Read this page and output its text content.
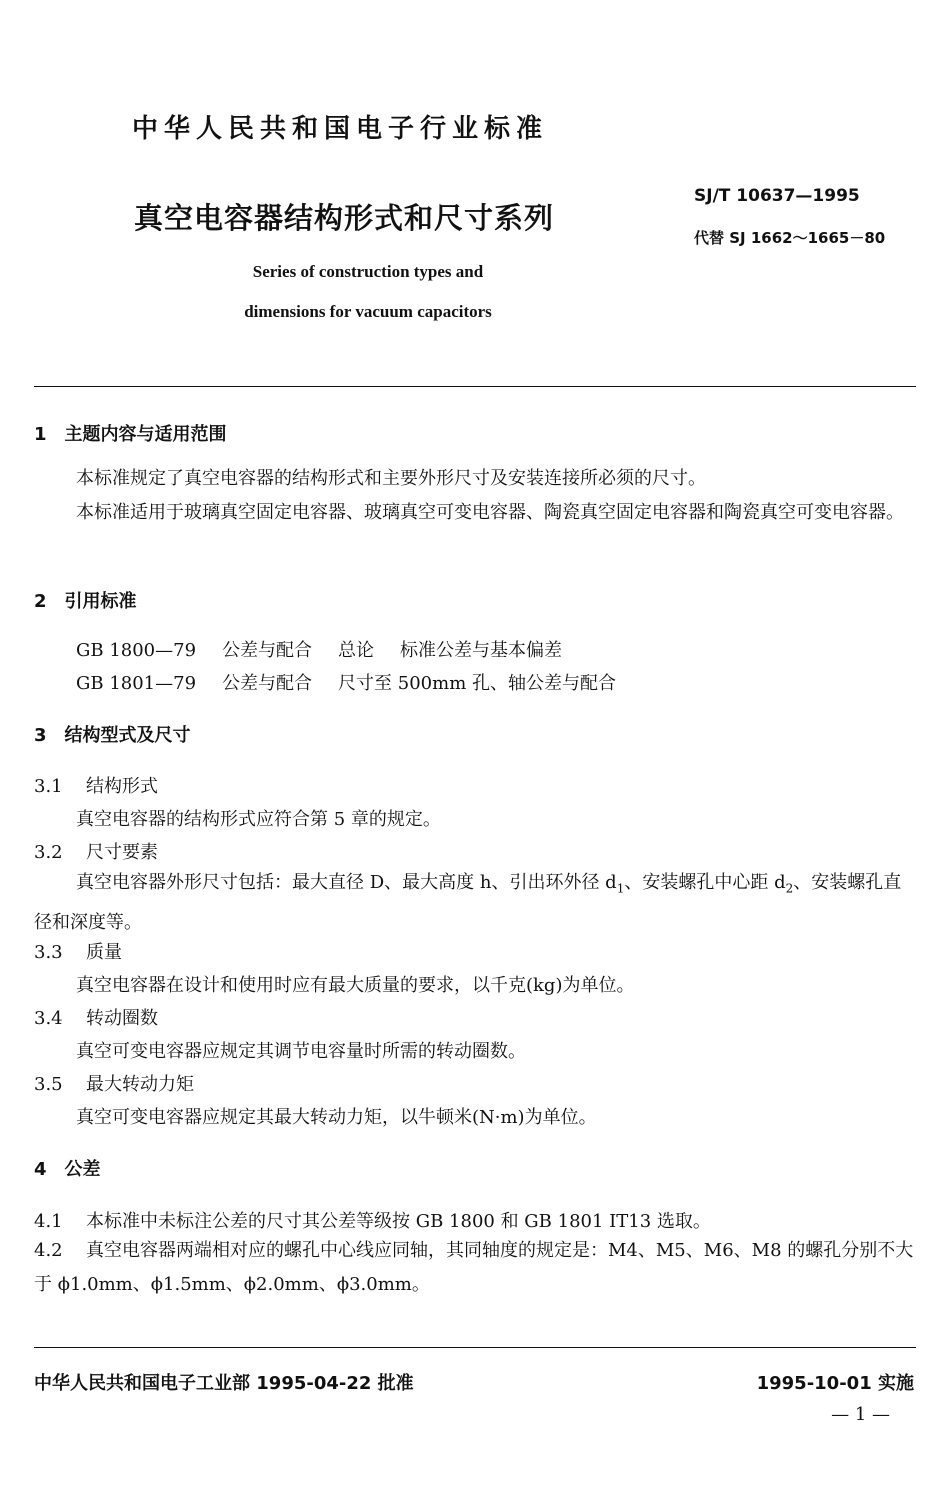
中华人民共和国电子行业标准
真空电容器结构形式和尺寸系列
Series of construction types and
dimensions for vacuum capacitors
SJ/T 10637—1995
代替 SJ 1662～1665－80
1　主题内容与适用范围
本标准规定了真空电容器的结构形式和主要外形尺寸及安装连接所必须的尺寸。
本标准适用于玻璃真空固定电容器、玻璃真空可变电容器、陶瓷真空固定电容器和陶瓷真空可变电容器。
2　引用标准
GB 1800—79 公差与配合 总论 标准公差与基本偏差
GB 1801—79 公差与配合 尺寸至 500mm 孔、轴公差与配合
3　结构型式及尺寸
3.1 结构形式
真空电容器的结构形式应符合第 5 章的规定。
3.2 尺寸要素
真空电容器外形尺寸包括：最大直径 D、最大高度 h、引出环外径 $d_1$、安装螺孔中心距 $d_2$、安装螺孔直径和深度等。
3.3 质量
真空电容器在设计和使用时应有最大质量的要求，以千克(kg)为单位。
3.4 转动圈数
真空可变电容器应规定其调节电容量时所需的转动圈数。
3.5 最大转动力矩
真空可变电容器应规定其最大转动力矩，以牛顿米(N·m)为单位。
4　公差
4.1 本标准中未标注公差的尺寸其公差等级按 GB 1800 和 GB 1801 IT13 选取。
4.2 真空电容器两端相对应的螺孔中心线应同轴，其同轴度的规定是：M4、M5、M6、M8 的螺孔分别不大于 ϕ1.0mm、ϕ1.5mm、ϕ2.0mm、ϕ3.0mm。
中华人民共和国电子工业部 1995-04-22 批准	1995-10-01 实施
— 1 —
